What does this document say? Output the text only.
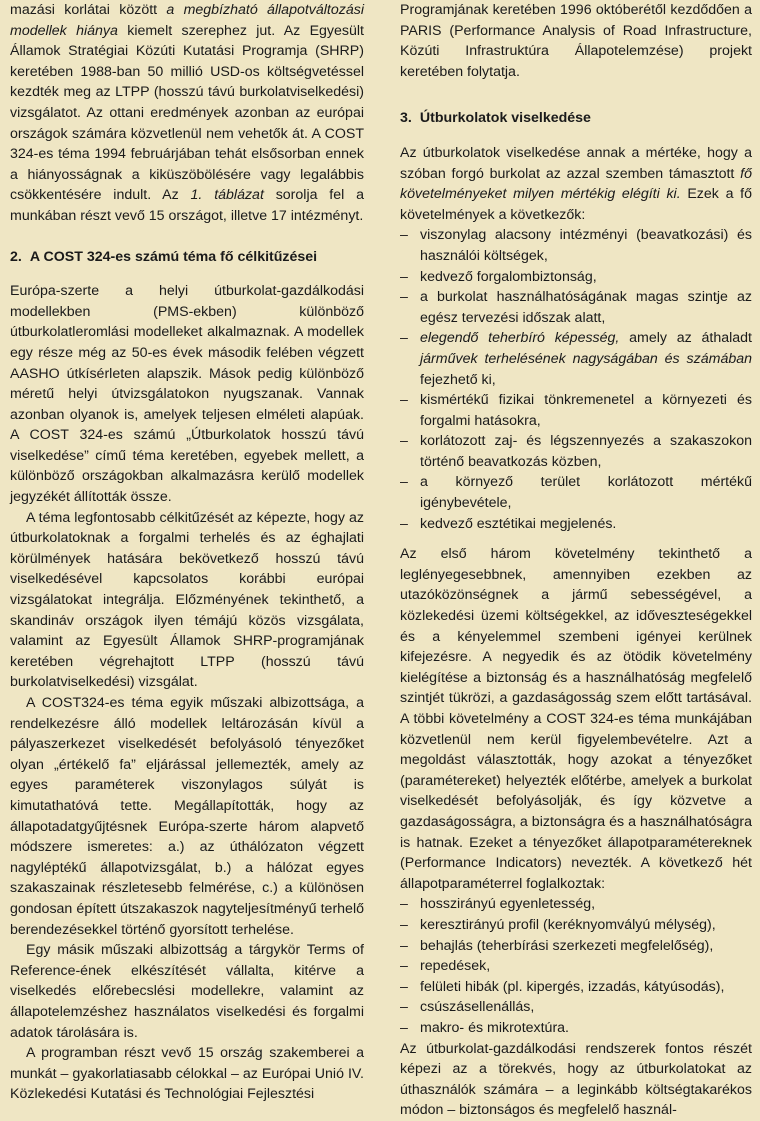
mazási korlátai között a megbízható állapotváltozási modellek hiánya kiemelt szerephez jut. Az Egyesült Államok Stratégiai Közúti Kutatási Programja (SHRP) keretében 1988-ban 50 millió USD-os költségvetéssel kezdték meg az LTPP (hosszú távú burkolatviselkedési) vizsgálatot. Az ottani eredmények azonban az európai országok számára közvetlenül nem vehetők át. A COST 324-es téma 1994 februárjában tehát elsősorban ennek a hiányosságnak a kiküszöbölésére vagy legalábbis csökkentésére indult. Az 1. táblázat sorolja fel a munkában részt vevő 15 országot, illetve 17 intézményt.

2. A COST 324-es számú téma fő célkitűzései

Európa-szerte a helyi útburkolat-gazdálkodási modellekben (PMS-ekben) különböző útburkolatleromlási modelleket alkalmaznak. A modellek egy része még az 50-es évek második felében végzett AASHO útkísérleten alapszik. Mások pedig különböző méretű helyi útvizsgálatokon nyugszanak. Vannak azonban olyanok is, amelyek teljesen elméleti alapúak. A COST 324-es számú „Útburkolatok hosszú távú viselkedése” című téma keretében, egyebek mellett, a különböző országokban alkalmazásra kerülő modellek jegyzékét állították össze.

A téma legfontosabb célkitűzését az képezte, hogy az útburkolatoknak a forgalmi terhelés és az éghajlati körülmények hatására bekövetkező hosszú távú viselkedésével kapcsolatos korábbi európai vizsgálatokat integrálja. Előzményének tekinthető, a skandináv országok ilyen témájú közös vizsgálata, valamint az Egyesült Államok SHRP-programjának keretében végrehajtott LTPP (hosszú távú burkolatviselkedési) vizsgálat.

A COST324-es téma egyik műszaki albizottsága, a rendelkezésre álló modellek leltározásán kívül a pályaszerkezet viselkedését befolyásoló tényezőket olyan „értékelő fa” eljárással jellemezték, amely az egyes paraméterek viszonylagos súlyát is kimutathatóvá tette. Megállapították, hogy az állapotadatgyűjtésnek Európa-szerte három alapvető módszere ismeretes: a.) az úthálózaton végzett nagyléptékű állapotvizsgálat, b.) a hálózat egyes szakaszainak részletesebb felmérése, c.) a különösen gondosan épített útszakaszok nagyteljesítményű terhelő berendezésekkel történő gyorsított terhelése.

Egy másik műszaki albizottság a tárgykör Terms of Reference-ének elkészítését vállalta, kitérve a viselkedés előrebecslési modellekre, valamint az állapotelemzéshez használatos viselkedési és forgalmi adatok tárolására is.

A programban részt vevő 15 ország szakemberei a munkát – gyakorlatiasabb célokkal – az Európai Unió IV. Közlekedési Kutatási és Technológiai Fejlesztési

Programjának keretében 1996 októberétől kezdődően a PARIS (Performance Analysis of Road Infrastructure, Közúti Infrastruktúra Állapotelemzése) projekt keretében folytatja.

3. Útburkolatok viselkedése

Az útburkolatok viselkedése annak a mértéke, hogy a szóban forgó burkolat az azzal szemben támasztott fő követelményeket milyen mértékig elégíti ki. Ezek a fő követelmények a következők:

– viszonylag alacsony intézményi (beavatkozási) és használói költségek,
– kedvező forgalombiztonság,
– a burkolat használhatóságának magas szintje az egész tervezési időszak alatt,
– elegendő teherbíró képesség, amely az áthaladt járművek terhelésének nagyságában és számában fejezhető ki,
– kismértékű fizikai tönkremenetel a környezeti és forgalmi hatásokra,
– korlátozott zaj- és légszennyezés a szakaszokon történő beavatkozás közben,
– a környező terület korlátozott mértékű igénybevétele,
– kedvező esztétikai megjelenés.

Az első három követelmény tekinthető a leglényegesebbnek, amennyiben ezekben az utazóközönségnek a jármű sebességével, a közlekedési üzemi költségekkel, az időveszteségekkel és a kényelemmel szembeni igényei kerülnek kifejezésre. A negyedik és az ötödik követelmény kielégítése a biztonság és a használhatóság megfelelő szintjét tükrözi, a gazdaságosság szem előtt tartásával. A többi követelmény a COST 324-es téma munkájában közvetlenül nem kerül figyelembevételre. Azt a megoldást választották, hogy azokat a tényezőket (paramétereket) helyezték előtérbe, amelyek a burkolat viselkedését befolyásolják, és így közvetve a gazdaságosságra, a biztonságra és a használhatóságra is hatnak. Ezeket a tényezőket állapotparamétereknek (Performance Indicators) nevezték. A következő hét állapotparaméterrel foglalkoztak:

– hosszirányú egyenletesség,
– keresztirányú profil (keréknyomvályú mélység),
– behajlás (teherbírási szerkezeti megfelelőség),
– repedések,
– felületi hibák (pl. kipergés, izzadás, kátyúsodás),
– csúszásellenállás,
– makro- és mikrotextúra.

Az útburkolat-gazdálkodási rendszerek fontos részét képezi az a törekvés, hogy az útburkolatokat az úthasználók számára – a leginkább költségtakarékos módon – biztonságos és megfelelő használ-
